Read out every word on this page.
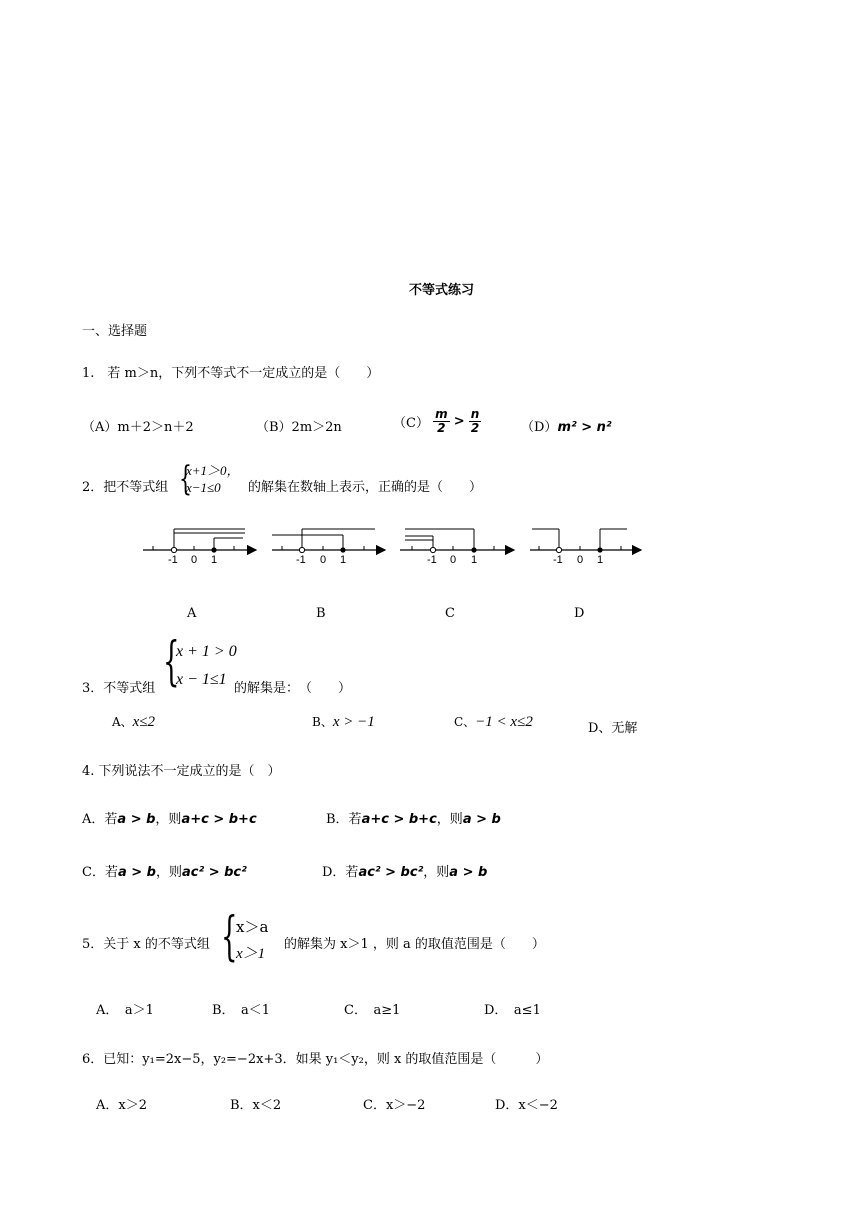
不等式练习
一、选择题
1.　若 m＞n，下列不等式不一定成立的是（　　）
（A）m＋2＞n＋2	（B）2m＞2n	$(C) \frac{m}{2} > \frac{n}{2}$	（D）m² > n²
2．把不等式组 {
x+1＞0，
x−1≤0	的解集在数轴上表示，正确的是（　　）
-1 0 1	-1 0 1	-1 0 1	-1 0 1
A	B	C	D
3．不等式组 {
x + 1 > 0
x − 1≤1
的解集是：　（　　）
A、x≤2	B、x > −1	C、−1 < x≤2	D、无解
4. 下列说法不一定成立的是（　）
A．若a > b，则a+c > b+c	B．若a+c > b+c，则a > b
C．若a > b，则ac² > bc²	D．若ac² > bc²，则a > b
5．关于 x 的不等式组 {
x＞a
x＞1
的解集为 x＞1 ，则 a 的取值范围是（　　）
A．　a＞1	B．　a＜1	C．　a≥1	D．　a≤1
6．已知：y₁=2x−5，y₂=−2x+3．如果 y₁＜y₂，则 x 的取值范围是（　　　）
A．x＞2	B．x＜2	C．x＞−2	D．x＜−2
